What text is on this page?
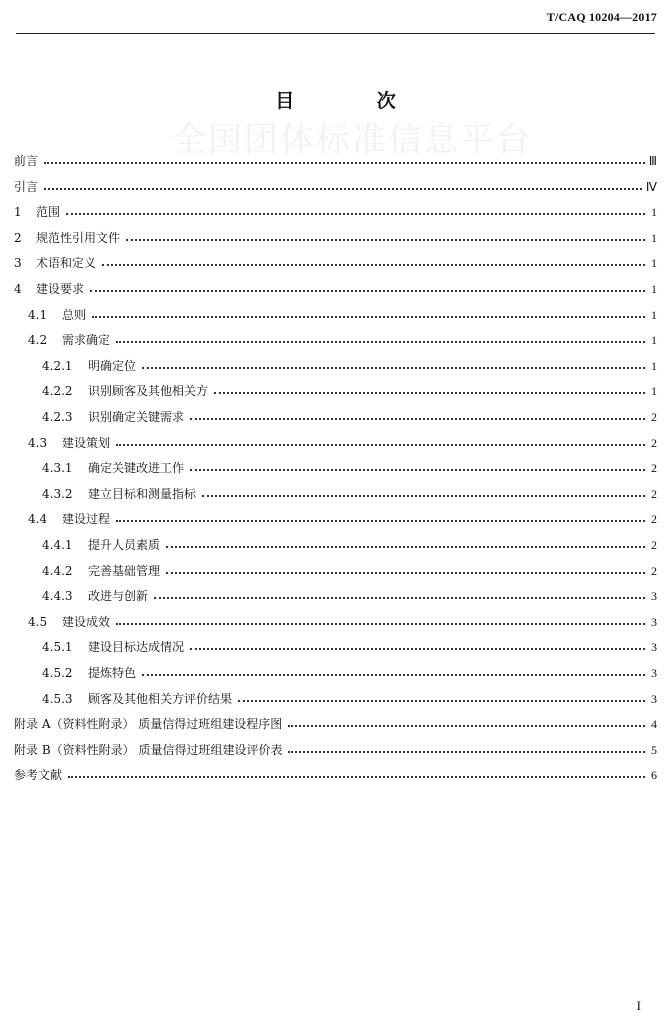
T/CAQ 10204—2017
全国团体标准信息平台
目 次
前言	Ⅲ
引言	Ⅳ
1	范围	1
2	规范性引用文件	1
3	术语和定义	1
4	建设要求	1
4.1	总则	1
4.2	需求确定	1
4.2.1	明确定位	1
4.2.2	识别顾客及其他相关方	1
4.2.3	识别确定关键需求	2
4.3	建设策划	2
4.3.1	确定关键改进工作	2
4.3.2	建立目标和测量指标	2
4.4	建设过程	2
4.4.1	提升人员素质	2
4.4.2	完善基础管理	2
4.4.3	改进与创新	3
4.5	建设成效	3
4.5.1	建设目标达成情况	3
4.5.2	提炼特色	3
4.5.3	顾客及其他相关方评价结果	3
附录 A（资料性附录） 质量信得过班组建设程序图	4
附录 B（资料性附录） 质量信得过班组建设评价表	5
参考文献	6
I
